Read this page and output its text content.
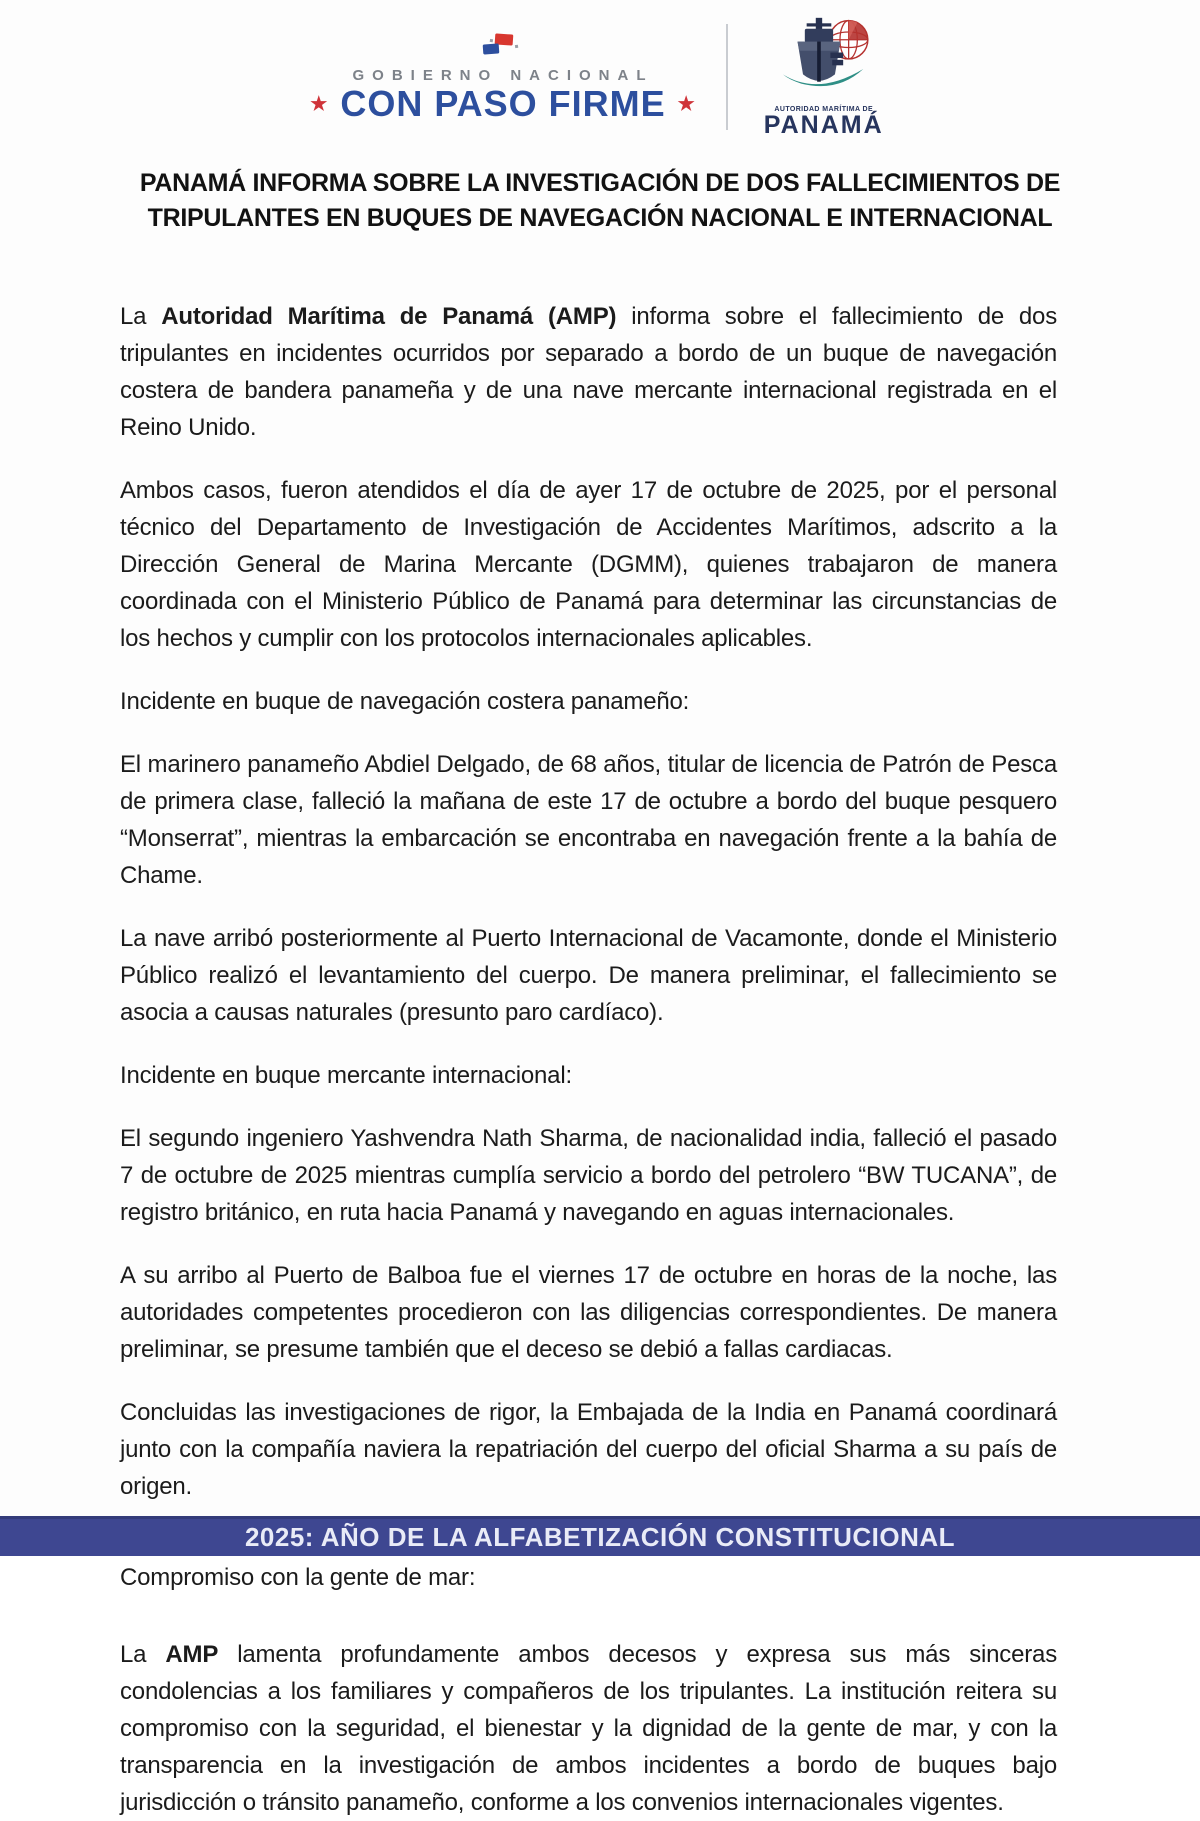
GOBIERNO NACIONAL
★ CON PASO FIRME ★	AUTORIDAD MARÍTIMA DE
PANAMÁ
PANAMÁ INFORMA SOBRE LA INVESTIGACIÓN DE DOS FALLECIMIENTOS DE TRIPULANTES EN BUQUES DE NAVEGACIÓN NACIONAL E INTERNACIONAL

La Autoridad Marítima de Panamá (AMP) informa sobre el fallecimiento de dos tripulantes en incidentes ocurridos por separado a bordo de un buque de navegación costera de bandera panameña y de una nave mercante internacional registrada en el Reino Unido.

Ambos casos, fueron atendidos el día de ayer 17 de octubre de 2025, por el personal técnico del Departamento de Investigación de Accidentes Marítimos, adscrito a la Dirección General de Marina Mercante (DGMM), quienes trabajaron de manera coordinada con el Ministerio Público de Panamá para determinar las circunstancias de los hechos y cumplir con los protocolos internacionales aplicables.

Incidente en buque de navegación costera panameño:

El marinero panameño Abdiel Delgado, de 68 años, titular de licencia de Patrón de Pesca de primera clase, falleció la mañana de este 17 de octubre a bordo del buque pesquero “Monserrat”, mientras la embarcación se encontraba en navegación frente a la bahía de Chame.

La nave arribó posteriormente al Puerto Internacional de Vacamonte, donde el Ministerio Público realizó el levantamiento del cuerpo. De manera preliminar, el fallecimiento se asocia a causas naturales (presunto paro cardíaco).

Incidente en buque mercante internacional:

El segundo ingeniero Yashvendra Nath Sharma, de nacionalidad india, falleció el pasado 7 de octubre de 2025 mientras cumplía servicio a bordo del petrolero “BW TUCANA”, de registro británico, en ruta hacia Panamá y navegando en aguas internacionales.

A su arribo al Puerto de Balboa fue el viernes 17 de octubre en horas de la noche, las autoridades competentes procedieron con las diligencias correspondientes. De manera preliminar, se presume también que el deceso se debió a fallas cardiacas.

Concluidas las investigaciones de rigor, la Embajada de la India en Panamá coordinará junto con la compañía naviera la repatriación del cuerpo del oficial Sharma a su país de origen.

Compromiso con la gente de mar:

La AMP lamenta profundamente ambos decesos y expresa sus más sinceras condolencias a los familiares y compañeros de los tripulantes. La institución reitera su compromiso con la seguridad, el bienestar y la dignidad de la gente de mar, y con la transparencia en la investigación de ambos incidentes a bordo de buques bajo jurisdicción o tránsito panameño, conforme a los convenios internacionales vigentes.

2025: AÑO DE LA ALFABETIZACIÓN CONSTITUCIONAL
